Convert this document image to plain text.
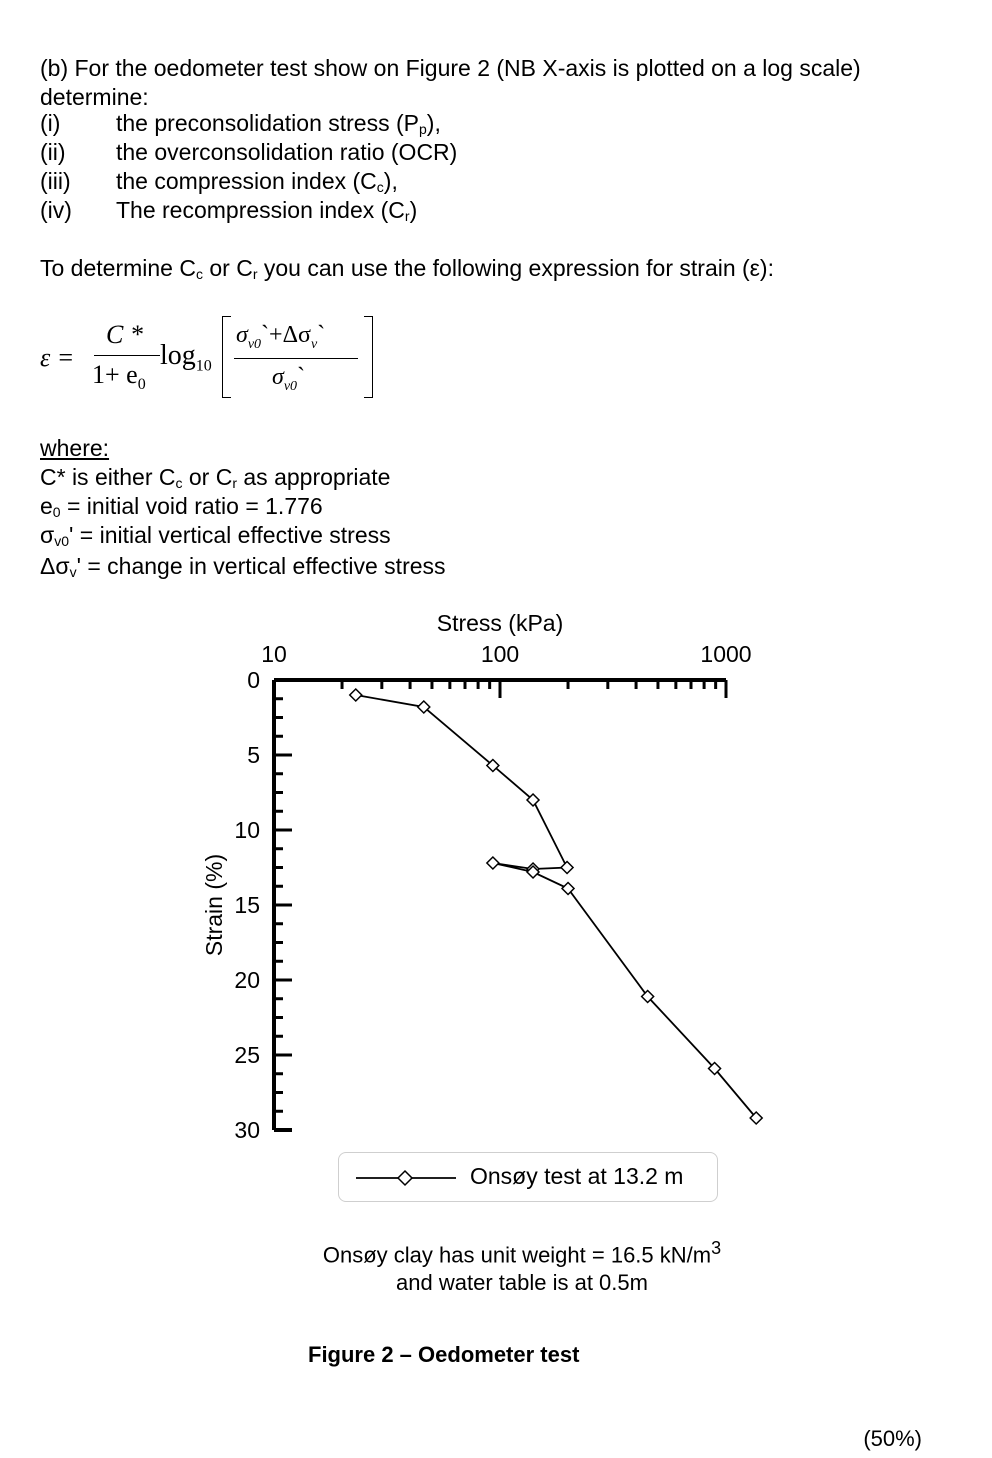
(b) For the oedometer test show on Figure 2 (NB X-axis is plotted on a log scale)
determine:
(i) the preconsolidation stress $(P_p)$,
(ii) the overconsolidation ratio (OCR)
(iii) the compression index $(C_c)$,
(iv) The recompression index $(C_r)$
To determine $C_c$ or $C_r$ you can use the following expression for strain (ε):
ε =
C *
$1+ e_0$
$\log_{10}$
$\sigma_{v0}`+\Delta\sigma_v`$
$\sigma_{v0}`$
where:
C* is either $C_c$ or $C_r$ as appropriate
$e_0$ = initial void ratio = 1.776
$\sigma_{v0}'$ = initial vertical effective stress
$\Delta\sigma_v'$ = change in vertical effective stress
Stress (kPa)
Strain (%)
10	100	1000
0
5
10
15
20
25
30
Onsøy test at 13.2 m
Onsøy clay has unit weight = 16.5 $kN/m^3$
and water table is at 0.5m
Figure 2 – Oedometer test
(50%)
